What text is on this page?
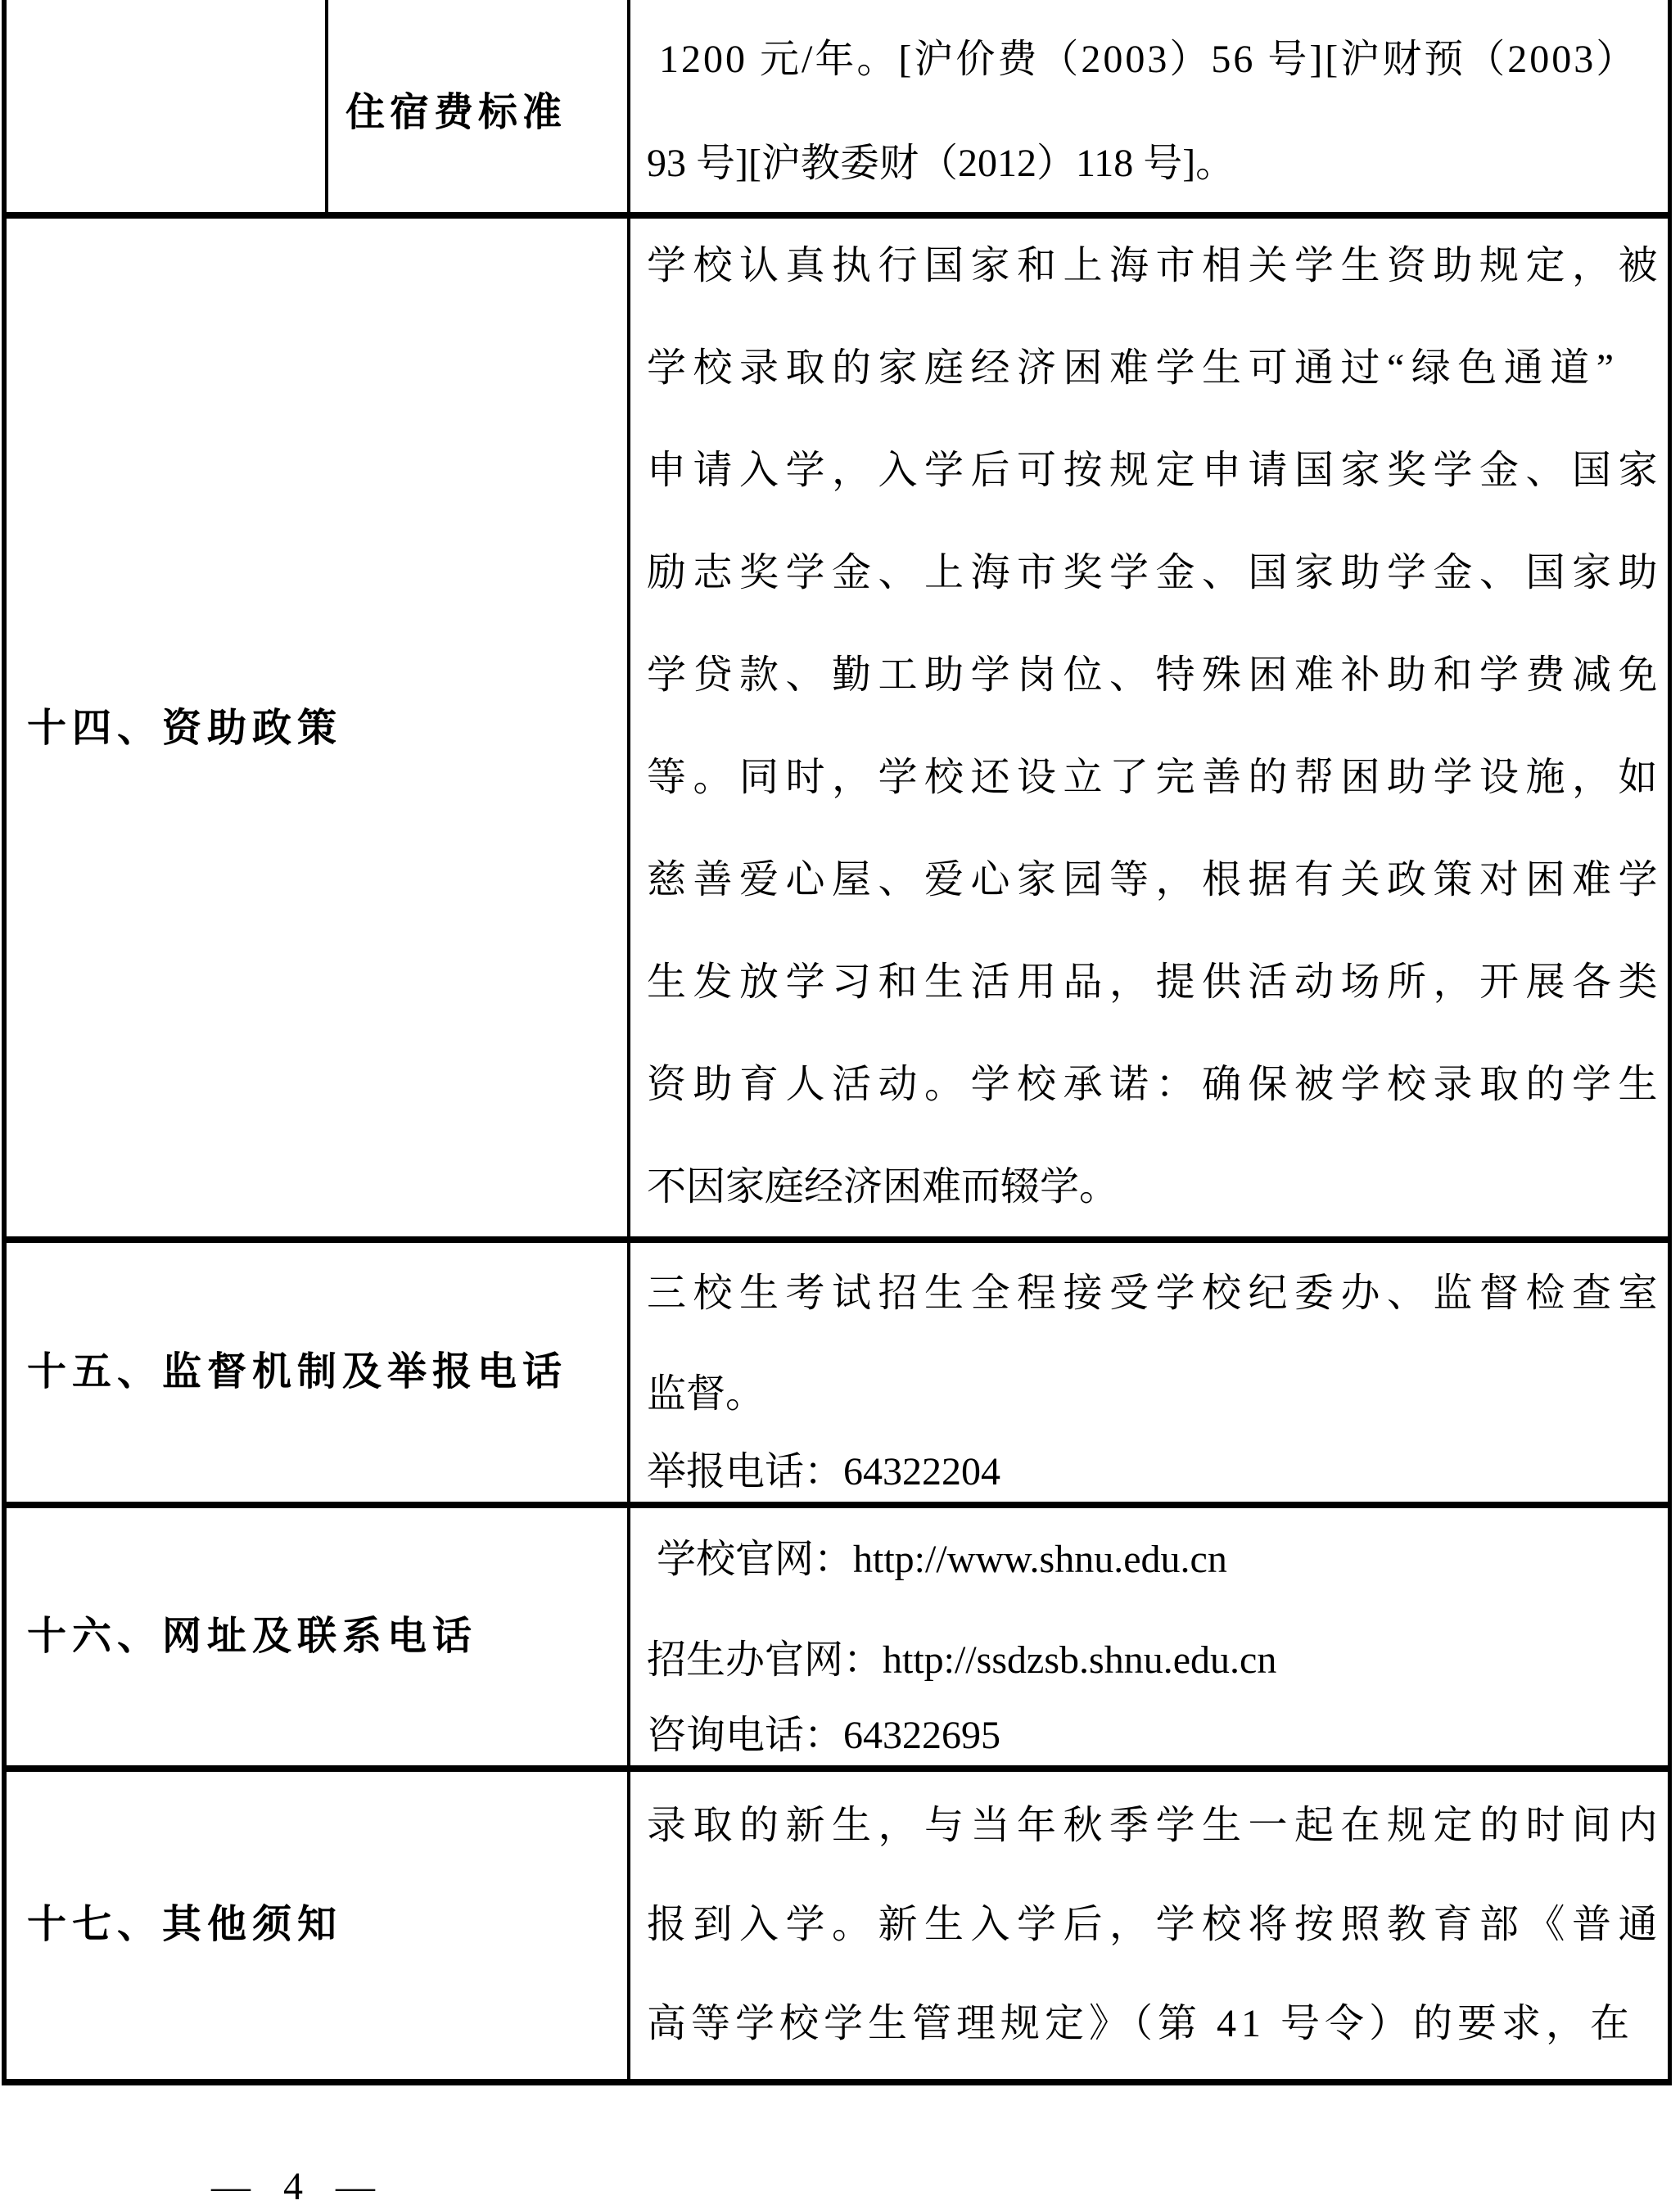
住宿费标准
1200 元/年。[沪价费（2003）56 号][沪财预（2003）
93 号][沪教委财（2012）118 号]。
十四、资助政策
学校认真执行国家和上海市相关学生资助规定，被
学校录取的家庭经济困难学生可通过“绿色通道”
申请入学，入学后可按规定申请国家奖学金、国家
励志奖学金、上海市奖学金、国家助学金、国家助
学贷款、勤工助学岗位、特殊困难补助和学费减免
等。同时，学校还设立了完善的帮困助学设施，如
慈善爱心屋、爱心家园等，根据有关政策对困难学
生发放学习和生活用品，提供活动场所，开展各类
资助育人活动。学校承诺：确保被学校录取的学生
不因家庭经济困难而辍学。
十五、监督机制及举报电话
三校生考试招生全程接受学校纪委办、监督检查室
监督。
举报电话：64322204
十六、网址及联系电话
学校官网：http://www.shnu.edu.cn
招生办官网：http://ssdzsb.shnu.edu.cn
咨询电话：64322695
十七、其他须知
录取的新生，与当年秋季学生一起在规定的时间内
报到入学。新生入学后，学校将按照教育部《普通
高等学校学生管理规定》（第 41 号令）的要求，在
— 4 —
